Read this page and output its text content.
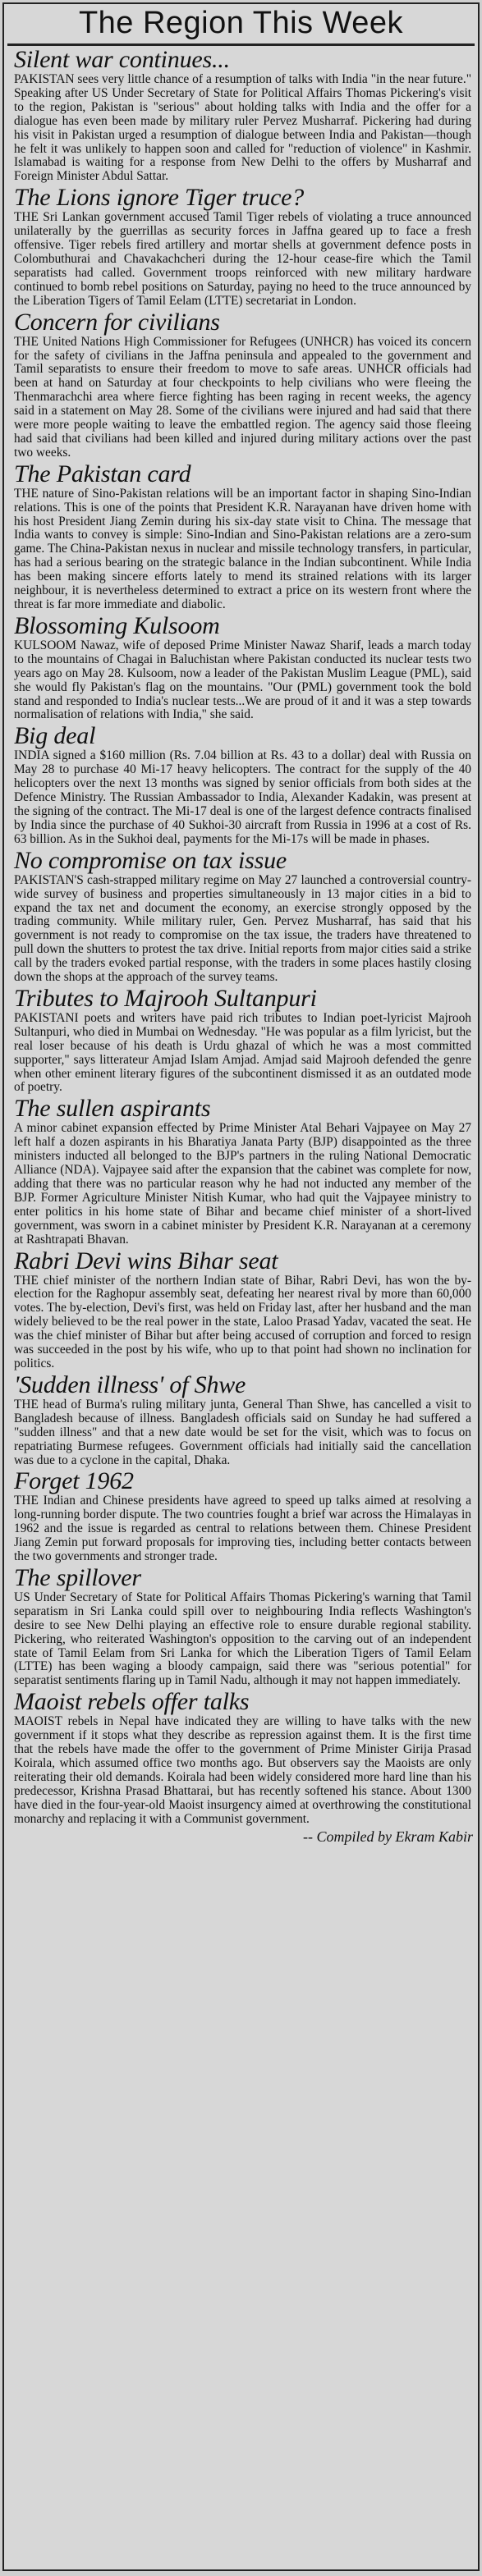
The Region This Week
Silent war continues...

PAKISTAN sees very little chance of a resumption of talks with India "in the near future." Speaking after US Under Secretary of State for Political Affairs Thomas Pickering's visit to the region, Pakistan is "serious" about holding talks with India and the offer for a dialogue has even been made by military ruler Pervez Musharraf. Pickering had during his visit in Pakistan urged a resumption of dialogue between India and Pakistan—though he felt it was unlikely to happen soon and called for "reduction of violence" in Kashmir. Islamabad is waiting for a response from New Delhi to the offers by Musharraf and Foreign Minister Abdul Sattar.

The Lions ignore Tiger truce?

THE Sri Lankan government accused Tamil Tiger rebels of violating a truce announced unilaterally by the guerrillas as security forces in Jaffna geared up to face a fresh offensive. Tiger rebels fired artillery and mortar shells at government defence posts in Colombuthurai and Chavakachcheri during the 12-hour cease-fire which the Tamil separatists had called. Government troops reinforced with new military hardware continued to bomb rebel positions on Saturday, paying no heed to the truce announced by the Liberation Tigers of Tamil Eelam (LTTE) secretariat in London.

Concern for civilians

THE United Nations High Commissioner for Refugees (UNHCR) has voiced its concern for the safety of civilians in the Jaffna peninsula and appealed to the government and Tamil separatists to ensure their freedom to move to safe areas. UNHCR officials had been at hand on Saturday at four checkpoints to help civilians who were fleeing the Thenmarachchi area where fierce fighting has been raging in recent weeks, the agency said in a statement on May 28. Some of the civilians were injured and had said that there were more people waiting to leave the embattled region. The agency said those fleeing had said that civilians had been killed and injured during military actions over the past two weeks.

The Pakistan card

THE nature of Sino-Pakistan relations will be an important factor in shaping Sino-Indian relations. This is one of the points that President K.R. Narayanan have driven home with his host President Jiang Zemin during his six-day state visit to China. The message that India wants to convey is simple: Sino-Indian and Sino-Pakistan relations are a zero-sum game. The China-Pakistan nexus in nuclear and missile technology transfers, in particular, has had a serious bearing on the strategic balance in the Indian subcontinent. While India has been making sincere efforts lately to mend its strained relations with its larger neighbour, it is nevertheless determined to extract a price on its western front where the threat is far more immediate and diabolic.

Blossoming Kulsoom

KULSOOM Nawaz, wife of deposed Prime Minister Nawaz Sharif, leads a march today to the mountains of Chagai in Baluchistan where Pakistan conducted its nuclear tests two years ago on May 28. Kulsoom, now a leader of the Pakistan Muslim League (PML), said she would fly Pakistan's flag on the mountains. "Our (PML) government took the bold stand and responded to India's nuclear tests...We are proud of it and it was a step towards normalisation of relations with India," she said.

Big deal

INDIA signed a $160 million (Rs. 7.04 billion at Rs. 43 to a dollar) deal with Russia on May 28 to purchase 40 Mi-17 heavy helicopters. The contract for the supply of the 40 helicopters over the next 13 months was signed by senior officials from both sides at the Defence Ministry. The Russian Ambassador to India, Alexander Kadakin, was present at the signing of the contract. The Mi-17 deal is one of the largest defence contracts finalised by India since the purchase of 40 Sukhoi-30 aircraft from Russia in 1996 at a cost of Rs. 63 billion. As in the Sukhoi deal, payments for the Mi-17s will be made in phases.

No compromise on tax issue

PAKISTAN'S cash-strapped military regime on May 27 launched a controversial country-wide survey of business and properties simultaneously in 13 major cities in a bid to expand the tax net and document the economy, an exercise strongly opposed by the trading community. While military ruler, Gen. Pervez Musharraf, has said that his government is not ready to compromise on the tax issue, the traders have threatened to pull down the shutters to protest the tax drive. Initial reports from major cities said a strike call by the traders evoked partial response, with the traders in some places hastily closing down the shops at the approach of the survey teams.

Tributes to Majrooh Sultanpuri

PAKISTANI poets and writers have paid rich tributes to Indian poet-lyricist Majrooh Sultanpuri, who died in Mumbai on Wednesday. "He was popular as a film lyricist, but the real loser because of his death is Urdu ghazal of which he was a most committed supporter," says litterateur Amjad Islam Amjad. Amjad said Majrooh defended the genre when other eminent literary figures of the subcontinent dismissed it as an outdated mode of poetry.

The sullen aspirants

A minor cabinet expansion effected by Prime Minister Atal Behari Vajpayee on May 27 left half a dozen aspirants in his Bharatiya Janata Party (BJP) disappointed as the three ministers inducted all belonged to the BJP's partners in the ruling National Democratic Alliance (NDA). Vajpayee said after the expansion that the cabinet was complete for now, adding that there was no particular reason why he had not inducted any member of the BJP. Former Agriculture Minister Nitish Kumar, who had quit the Vajpayee ministry to enter politics in his home state of Bihar and became chief minister of a short-lived government, was sworn in a cabinet minister by President K.R. Narayanan at a ceremony at Rashtrapati Bhavan.

Rabri Devi wins Bihar seat

THE chief minister of the northern Indian state of Bihar, Rabri Devi, has won the by-election for the Raghopur assembly seat, defeating her nearest rival by more than 60,000 votes. The by-election, Devi's first, was held on Friday last, after her husband and the man widely believed to be the real power in the state, Laloo Prasad Yadav, vacated the seat. He was the chief minister of Bihar but after being accused of corruption and forced to resign was succeeded in the post by his wife, who up to that point had shown no inclination for politics.

'Sudden illness' of Shwe

THE head of Burma's ruling military junta, General Than Shwe, has cancelled a visit to Bangladesh because of illness. Bangladesh officials said on Sunday he had suffered a "sudden illness" and that a new date would be set for the visit, which was to focus on repatriating Burmese refugees. Government officials had initially said the cancellation was due to a cyclone in the capital, Dhaka.

Forget 1962

THE Indian and Chinese presidents have agreed to speed up talks aimed at resolving a long-running border dispute. The two countries fought a brief war across the Himalayas in 1962 and the issue is regarded as central to relations between them. Chinese President Jiang Zemin put forward proposals for improving ties, including better contacts between the two governments and stronger trade.

The spillover

US Under Secretary of State for Political Affairs Thomas Pickering's warning that Tamil separatism in Sri Lanka could spill over to neighbouring India reflects Washington's desire to see New Delhi playing an effective role to ensure durable regional stability. Pickering, who reiterated Washington's opposition to the carving out of an independent state of Tamil Eelam from Sri Lanka for which the Liberation Tigers of Tamil Eelam (LTTE) has been waging a bloody campaign, said there was "serious potential" for separatist sentiments flaring up in Tamil Nadu, although it may not happen immediately.

Maoist rebels offer talks

MAOIST rebels in Nepal have indicated they are willing to have talks with the new government if it stops what they describe as repression against them. It is the first time that the rebels have made the offer to the government of Prime Minister Girija Prasad Koirala, which assumed office two months ago. But observers say the Maoists are only reiterating their old demands. Koirala had been widely considered more hard line than his predecessor, Krishna Prasad Bhattarai, but has recently softened his stance. About 1300 have died in the four-year-old Maoist insurgency aimed at overthrowing the constitutional monarchy and replacing it with a Communist government.

-- Compiled by Ekram Kabir
